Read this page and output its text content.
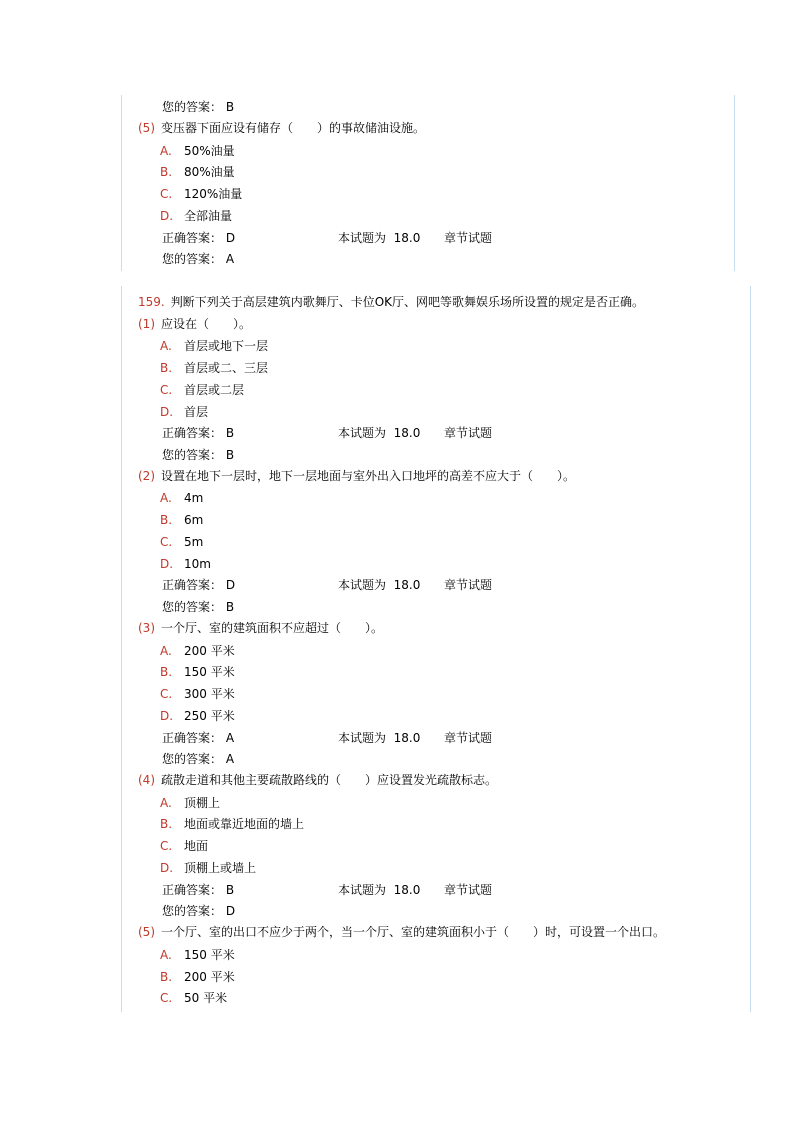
您的答案： B
(5) 变压器下面应设有储存（　　）的事故储油设施。
A. 50%油量
B. 80%油量
C. 120%油量
D. 全部油量
正确答案： D	本试题为 18.0 章节试题
您的答案： A
159. 判断下列关于高层建筑内歌舞厅、卡位OK厅、网吧等歌舞娱乐场所设置的规定是否正确。
(1) 应设在（　　）。
A. 首层或地下一层
B. 首层或二、三层
C. 首层或二层
D. 首层
正确答案： B	本试题为 18.0 章节试题
您的答案： B
(2) 设置在地下一层时，地下一层地面与室外出入口地坪的高差不应大于（　　）。
A. 4m
B. 6m
C. 5m
D. 10m
正确答案： D	本试题为 18.0 章节试题
您的答案： B
(3) 一个厅、室的建筑面积不应超过（　　）。
A. 200 平米
B. 150 平米
C. 300 平米
D. 250 平米
正确答案： A	本试题为 18.0 章节试题
您的答案： A
(4) 疏散走道和其他主要疏散路线的（　　）应设置发光疏散标志。
A. 顶棚上
B. 地面或靠近地面的墙上
C. 地面
D. 顶棚上或墙上
正确答案： B	本试题为 18.0 章节试题
您的答案： D
(5) 一个厅、室的出口不应少于两个，当一个厅、室的建筑面积小于（　　）时，可设置一个出口。
A. 150 平米
B. 200 平米
C. 50 平米
